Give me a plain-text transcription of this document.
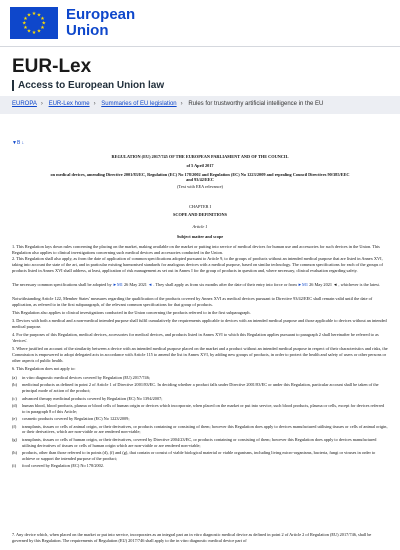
★ ★
★
★
★
★
★
★
★
★
★
★ European
Union
EUR-Lex
Access to European Union law
EUROPA › EUR-Lex home › Summaries of EU legislation › Rules for trustworthy artificial intelligence in the EU
▼B ↓
REGULATION (EU) 2017/745 OF THE EUROPEAN PARLIAMENT AND OF THE COUNCIL
of 5 April 2017
on medical devices, amending Directive 2001/83/EC, Regulation (EC) No 178/2002 and Regulation (EC) No 1223/2009 and repealing Council Directives 90/385/EEC
and 93/42/EEC
(Text with EEA relevance)
CHAPTER I
SCOPE AND DEFINITIONS
Article 1
Subject matter and scope
1. This Regulation lays down rules concerning the placing on the market, making available on the market or putting into service of medical devices for human use and accessories for such devices in the Union. This Regulation also applies to clinical investigations concerning such medical devices and accessories conducted in the Union.
2. This Regulation shall also apply, as from the date of application of common specifications adopted pursuant to Article 9, to the groups of products without an intended medical purpose that are listed in Annex XVI, taking into account the state of the art, and in particular existing harmonised standards for analogous devices with a medical purpose, based on similar technology. The common specifications for each of the groups of products listed in Annex XVI shall address, at least, application of risk management as set out in Annex I for the group of products in question and, where necessary, clinical evaluation regarding safety.
The necessary common specifications shall be adopted by ►M1 26 May 2021 ◄ . They shall apply as from six months after the date of their entry into force or from ►M1 26 May 2021 ◄ , whichever is the latest.
Notwithstanding Article 122, Member States' measures regarding the qualification of the products covered by Annex XVI as medical devices pursuant to Directive 93/42/EEC shall remain valid until the date of application, as referred to in the first subparagraph, of the relevant common specifications for that group of products.
This Regulation also applies to clinical investigations conducted in the Union concerning the products referred to in the first subparagraph.
3. Devices with both a medical and a non-medical intended purpose shall fulfil cumulatively the requirements applicable to devices with an intended medical purpose and those applicable to devices without an intended medical purpose.
4. For the purposes of this Regulation, medical devices, accessories for medical devices, and products listed in Annex XVI to which this Regulation applies pursuant to paragraph 2 shall hereinafter be referred to as 'devices'.
5. Where justified on account of the similarity between a device with an intended medical purpose placed on the market and a product without an intended medical purpose in respect of their characteristics and risks, the Commission is empowered to adopt delegated acts in accordance with Article 115 to amend the list in Annex XVI, by adding new groups of products, in order to protect the health and safety of users or other persons or other aspects of public health.
6. This Regulation does not apply to:
(a)	in vitro diagnostic medical devices covered by Regulation (EU) 2017/746;
(b)	medicinal products as defined in point 2 of Article 1 of Directive 2001/83/EC. In deciding whether a product falls under Directive 2001/83/EC or under this Regulation, particular account shall be taken of the principal mode of action of the product;
(c)	advanced therapy medicinal products covered by Regulation (EC) No 1394/2007;
(d)	human blood, blood products, plasma or blood cells of human origin or devices which incorporate, when placed on the market or put into service, such blood products, plasma or cells, except for devices referred to in paragraph 8 of this Article;
(e)	cosmetic products covered by Regulation (EC) No 1223/2009;
(f)	transplants, tissues or cells of animal origin, or their derivatives, or products containing or consisting of them; however this Regulation does apply to devices manufactured utilising tissues or cells of animal origin, or their derivatives, which are non-viable or are rendered non-viable;
(g)	transplants, tissues or cells of human origin, or their derivatives, covered by Directive 2004/23/EC, or products containing or consisting of them; however this Regulation does apply to devices manufactured utilising derivatives of tissues or cells of human origin which are non-viable or are rendered non-viable;
(h)	products, other than those referred to in points (d), (f) and (g), that contain or consist of viable biological material or viable organisms, including living micro-organisms, bacteria, fungi or viruses in order to achieve or support the intended purpose of the product;
(i)	food covered by Regulation (EC) No 178/2002.
7. Any device which, when placed on the market or put into service, incorporates as an integral part an in vitro diagnostic medical device as defined in point 2 of Article 2 of Regulation (EU) 2017/746, shall be governed by this Regulation. The requirements of Regulation (EU) 2017/746 shall apply to the in vitro diagnostic medical device part of
